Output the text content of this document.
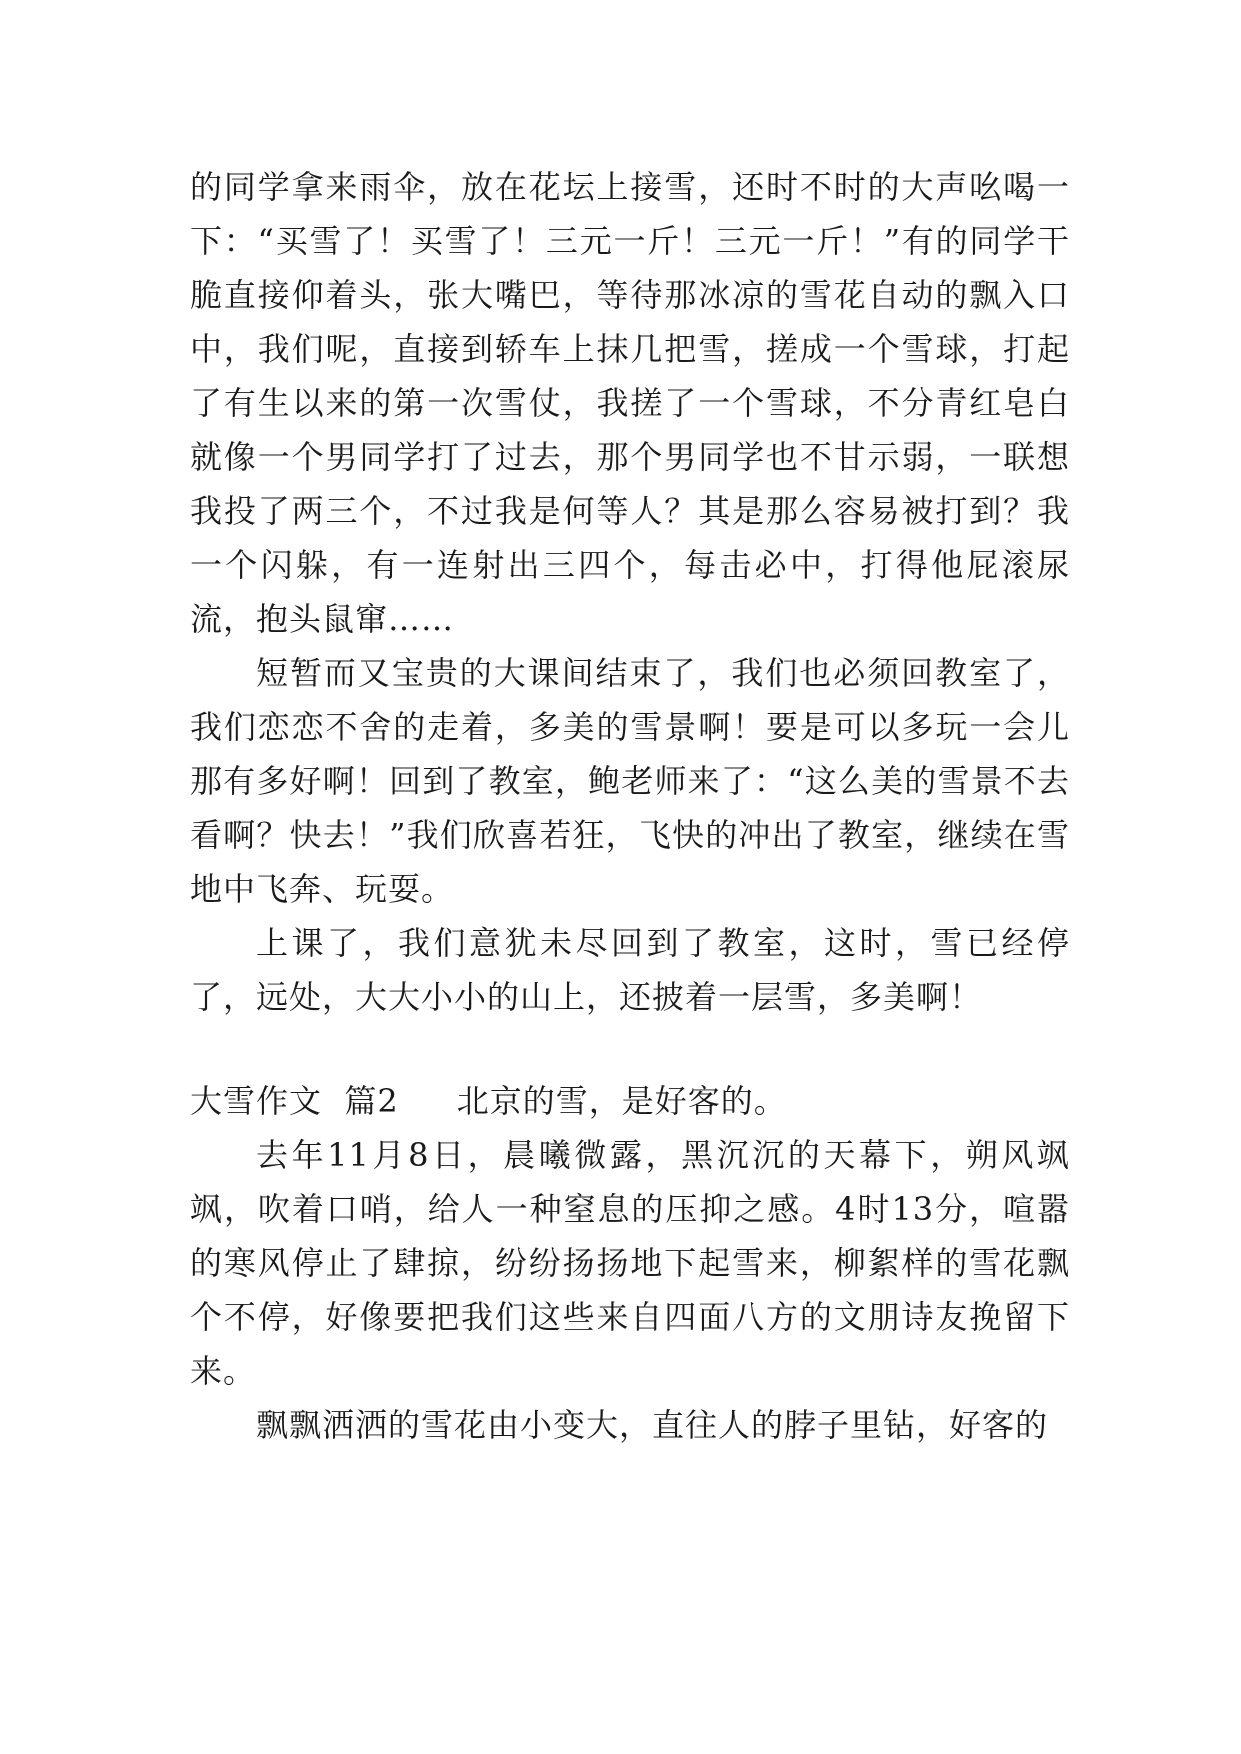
的同学拿来雨伞，放在花坛上接雪，还时不时的大声吆喝一下：“买雪了！买雪了！三元一斤！三元一斤！”有的同学干脆直接仰着头，张大嘴巴，等待那冰凉的雪花自动的飘入口中，我们呢，直接到轿车上抹几把雪，搓成一个雪球，打起了有生以来的第一次雪仗，我搓了一个雪球，不分青红皂白就像一个男同学打了过去，那个男同学也不甘示弱，一联想我投了两三个，不过我是何等人？其是那么容易被打到？我一个闪躲，有一连射出三四个，每击必中，打得他屁滚尿流，抱头鼠窜……

短暂而又宝贵的大课间结束了，我们也必须回教室了，我们恋恋不舍的走着，多美的雪景啊！要是可以多玩一会儿那有多好啊！回到了教室，鲍老师来了：“这么美的雪景不去看啊？快去！”我们欣喜若狂，飞快的冲出了教室，继续在雪地中飞奔、玩耍。

上课了，我们意犹未尽回到了教室，这时，雪已经停了，远处，大大小小的山上，还披着一层雪，多美啊！

大雪作文  篇2 北京的雪，是好客的。

去年11月8日，晨曦微露，黑沉沉的天幕下，朔风飒飒，吹着口哨，给人一种窒息的压抑之感。4时13分，喧嚣的寒风停止了肆掠，纷纷扬扬地下起雪来，柳絮样的雪花飘个不停，好像要把我们这些来自四面八方的文朋诗友挽留下来。

飘飘洒洒的雪花由小变大，直往人的脖子里钻，好客的
